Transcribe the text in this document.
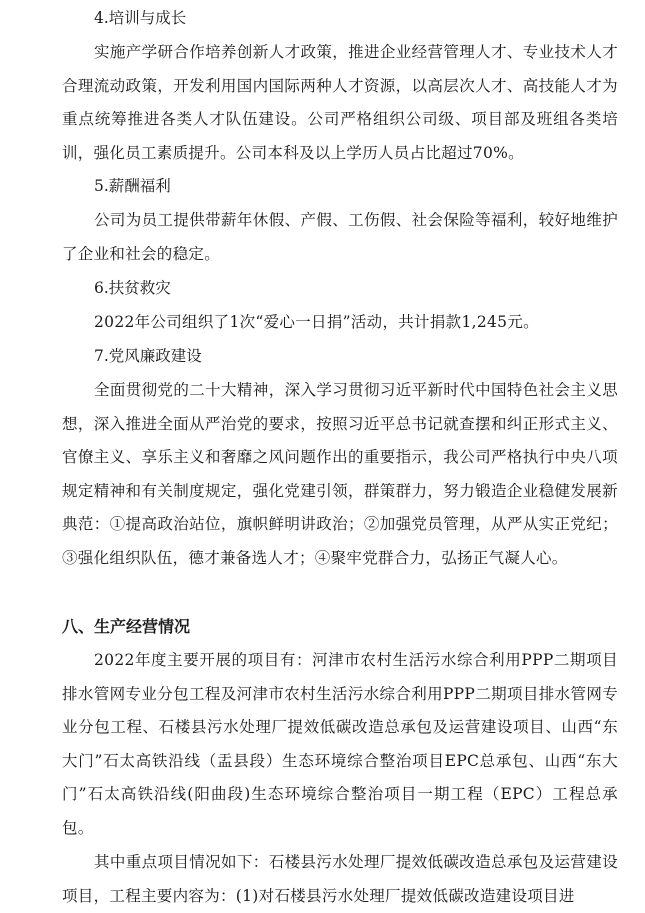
4.培训与成长
实施产学研合作培养创新人才政策，推进企业经营管理人才、专业技术人才合理流动政策，开发利用国内国际两种人才资源，以高层次人才、高技能人才为重点统筹推进各类人才队伍建设。公司严格组织公司级、项目部及班组各类培训，强化员工素质提升。公司本科及以上学历人员占比超过70%。
5.薪酬福利
公司为员工提供带薪年休假、产假、工伤假、社会保险等福利，较好地维护了企业和社会的稳定。
6.扶贫救灾
2022年公司组织了1次“爱心一日捐”活动，共计捐款1,245元。
7.党风廉政建设
全面贯彻党的二十大精神，深入学习贯彻习近平新时代中国特色社会主义思想，深入推进全面从严治党的要求，按照习近平总书记就查摆和纠正形式主义、官僚主义、享乐主义和奢靡之风问题作出的重要指示，我公司严格执行中央八项规定精神和有关制度规定，强化党建引领，群策群力，努力锻造企业稳健发展新典范：①提高政治站位，旗帜鲜明讲政治；②加强党员管理，从严从实正党纪；③强化组织队伍，德才兼备选人才；④聚牢党群合力，弘扬正气凝人心。
八、生产经营情况
2022年度主要开展的项目有：河津市农村生活污水综合利用PPP二期项目排水管网专业分包工程及河津市农村生活污水综合利用PPP二期项目排水管网专业分包工程、石楼县污水处理厂提效低碳改造总承包及运营建设项目、山西“东大门”石太高铁沿线（盂县段）生态环境综合整治项目EPC总承包、山西“东大门”石太高铁沿线(阳曲段)生态环境综合整治项目一期工程（EPC）工程总承包。
其中重点项目情况如下：石楼县污水处理厂提效低碳改造总承包及运营建设项目，工程主要内容为：(1)对石楼县污水处理厂提效低碳改造建设项目进
